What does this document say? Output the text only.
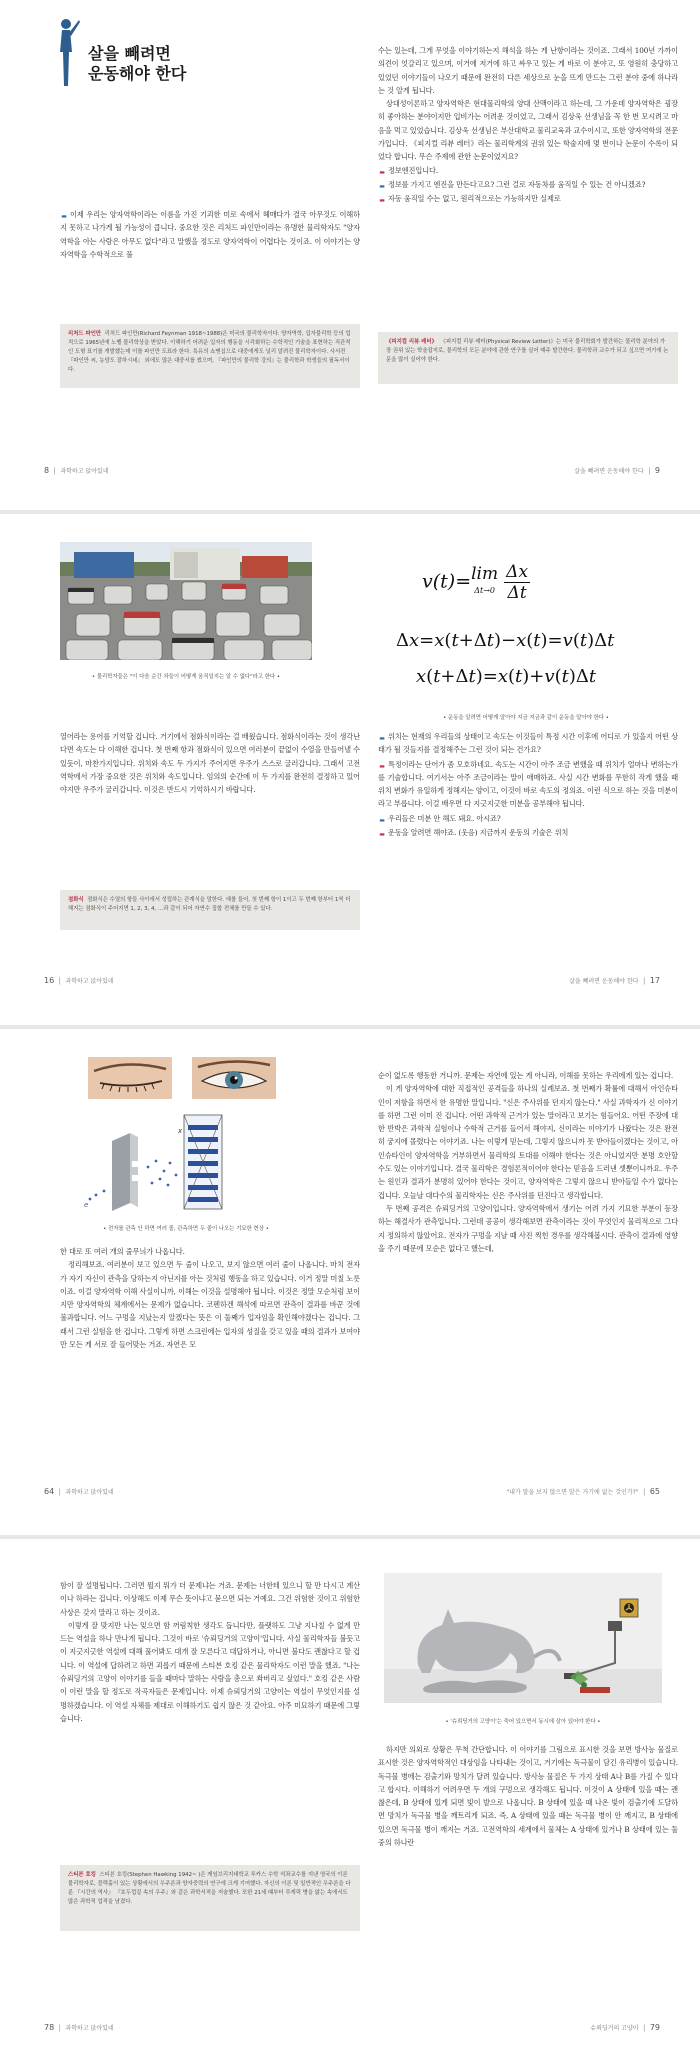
살을 빼려면
운동해야 한다

▬ 이제 우리는 양자역학이라는 이름을 가진 기괴한 미로 속에서 헤매다가 결국 아무것도 이해하지 못하고 나가게 될 가능성이 큽니다. 중요한 것은 리처드 파인만이라는 유명한 물리학자도 "양자역학을 아는 사람은 아무도 없다"라고 말했을 정도로 양자역학이 어렵다는 것이죠. 이 이야기는 양자역학을 수학적으로 풀

리처드 파인만 리처드 파인만(Richard Feynman 1918~1988)은 미국의 물리학자이다. 양자역학, 입자물리학 등의 업적으로 1965년에 노벨 물리학상을 받았다. 이해하기 어려운 입자의 행동을 시각화하는 수학적인 기술을 표현하는 직관적인 도형 표기를 개발했는데 이를 파인만 도표라 한다. 특유의 쇼맨십으로 대중에게도 널리 알려진 물리학자이다. 사서전 『파인만 씨, 농담도 잘하시네』 외에도 많은 대중서를 썼으며, 『파인만의 물리학 강의』는 물리학과 학생들의 필독서이다.

수는 있는데, 그게 무엇을 이야기하는지 해석을 하는 게 난항이라는 것이죠. 그래서 100년 가까이 의견이 엇갈리고 있으며, 이거에 저거에 하고 싸우고 있는 게 바로 이 분야고, 또 영원히 충당하고 있었던 이야기들이 나오기 때문에 완전히 다른 세상으로 눈을 뜨게 만드는 그런 분야 중에 하나라는 것 알게 됩니다.

상대성이론하고 양자역학은 현대물리학의 양대 산맥이라고 하는데, 그 가운데 양자역학은 굉장히 좋아하는 분야이지만 입비가는 어려운 것이었고, 그래서 김상욱 선생님을 꼭 한 번 모시려고 마음을 먹고 있었습니다. 김상욱 선생님은 부산대학교 물리교육과 교수이시고, 또한 양자역학의 전문가입니다. 《피지컬 리뷰 레터》라는 물리학계의 권위 있는 학술지에 몇 번이나 논문이 수록이 되었다 합니다. 무슨 주제에 관한 논문이었지요?

▬ 정보엔진입니다.

▬ 정보를 가지고 엔진을 만든다고요? 그런 걸로 자동차를 움직일 수 있는 건 아니겠죠?

▬ 자동 움직일 수는 없고, 원리적으로는 가능하지만 실제로

《피지컬 리뷰 레터》 《피지컬 리뷰 레터(Physical Review Letter)》는 미국 물리학회가 발간하는 물리학 분야의 가장 권위 있는 학술잡지로, 물리학의 모든 분야에 관한 연구를 실어 매주 발간한다. 물리학과 교수가 되고 싶으면 여기에 논문을 많이 실어야 한다.
8  │  과학하고 앉아있네	살을 빼려면 운동해야 한다  │  9
• 물리학자들은 "이 다음 순간 차들이 어떻게 움직일지는 알 수 없다"라고 한다 •
v(t)=lim
$\Delta t\to 0 \frac{\Delta x}{\Delta t}$
Δx=x(t+Δt)−x(t)=v(t)Δt
x(t+Δt)=x(t)+v(t)Δt
• 운동을 알려면 어떻게 알아야 지금 지금과 같이 운동을 알아야 한다 •

열어라는 용어를 기억할 겁니다. 거기에서 점화식이라는 걸 배웠습니다. 점화식이라는 것이 생각난다면 속도는 다 이해한 겁니다. 첫 번째 항과 점화식이 있으면 여러분이 끝없이 수열을 만들어낼 수 있듯이, 마찬가지입니다. 위치와 속도 두 가지가 주어지면 우주가 스스로 굴러갑니다. 그래서 고전역학에서 가장 중요한 것은 위치와 속도입니다. 임의의 순간에 이 두 가지를 완전히 결정하고 있어야지만 우주가 굴러갑니다. 이것은 반드시 기억하시기 바랍니다.

점화식 점화식은 수열의 항들 사이에서 성립하는 관계식을 말한다. 예를 들어, 첫 번째 항이 1이고 두 번째 항부터 1씩 더해지는 점화식이 주어지면 1, 2, 3, 4, …과 같이 되어 자연수 집합 전체를 만들 수 있다.

▬ 위치는 현재의 우리들의 상태이고 속도는 이것들이 특정 시간 이후에 어디로 가 있을지 어떤 상태가 될 것들지를 결정해주는 그런 것이 되는 건가요?

▬ 특정이라는 단어가 좀 모호하네요. 속도는 시간이 아주 조금 변했을 때 위치가 얼마나 변하는가를 기술합니다. 여기서는 아주 조금이라는 말이 애매하죠. 사실 시간 변화를 무한히 작게 했을 때 위치 변화가 유일하게 정해지는 양이고, 이것이 바로 속도의 정의죠. 이런 식으로 하는 것을 미분이라고 부릅니다. 이걸 배우면 다 지긋지긋한 미분을 공부해야 됩니다.

▬ 우리들은 미분 안 해도 돼요. 아시죠?

▬ 운동을 알려면 해야죠. (웃음) 지금까지 운동의 기술은 위치

16  │  과학하고 앉아있네	살을 빼려면 운동해야 한다  │  17
e
x
• 전자를 관측 안 하면 여러 줄, 관측하면 두 줄이 나오는 기묘한 현상 •

한 대로 또 여러 개의 줄무늬가 나옵니다.

정리해보죠. 여러분이 보고 있으면 두 줄이 나오고, 보지 않으면 여러 줄이 나옵니다. 마치 전자가 자기 자신이 관측을 당하는지 아닌지를 아는 것처럼 행동을 하고 있습니다. 이거 정말 미칠 노릇이죠. 이걸 양자역학 이해 사실이니까, 이해는 이것을 설명해야 됩니다. 이것은 정말 모순처럼 보이지만 양자역학의 체계에서는 문제가 없습니다. 코펜하겐 해석에 따르면 관측이 결과를 바꾼 것에 불과합니다. 어느 구멍을 지났는지 알겠다는 뜻은 이 둘째가 입자임을 확인해야겠다는 겁니다. 그래서 그런 실험을 한 겁니다. 그렇게 하면 스크린에는 입자의 성질을 갖고 있을 때의 결과가 보여야만 모든 게 서로 잘 들어맞는 거죠. 자연은 모

순이 없도록 행동한 거니까. 문제는 자연에 있는 게 아니라, 이해를 못하는 우리에게 있는 겁니다.

이 게 양자역학에 대한 직접적인 공격들을 하나의 실례보죠. 첫 번째가 확률에 대해서 아인슈타인이 저항을 하면서 한 유명한 말입니다. "신은 주사위를 던지지 않는다." 사실 과학자가 신 이야기를 하면 그런 이미 진 겁니다. 어떤 과학적 근거가 있는 말이라고 보기는 힘들어요. 어떤 주장에 대한 반박은 과학적 실험이나 수학적 근거를 들어서 해야지, 신이라는 이야기가 나왔다는 것은 완전히 궁지에 몰렸다는 이야기죠. 나는 이렇게 믿는데, 그렇지 않으니까 못 받아들이겠다는 것이고, 아인슈타인이 양자역학을 거부하면서 물리학의 토대를 이해야 한다는 것은 아니었지만 분명 호안할 수도 있는 이야기입니다. 결국 물리학은 경험론적이어야 한다는 믿음을 드러낸 셋뿐이니까요. 우주는 원인과 결과가 분명히 있어야 한다는 것이고, 양자역학은 그렇지 않으니 받아들일 수가 없다는 겁니다. 오늘날 대다수의 물리학자는 신은 주사위를 던진다고 생각합니다.

두 번째 공격은 슈뢰딩거의 고양이입니다. 양자역학에서 생기는 어려 가지 기묘한 부분이 등장하는 해결사가 관측입니다. 그런데 공공이 생각해보면 관측이라는 것이 무엇인지 물리적으로 그다지 정의하지 않았어요. 전자가 구멍을 지날 때 사진 찍힌 경우를 생각해봅시다. 관측이 결과에 영향을 주기 때문에 모순은 없다고 했는데,

64  │  과학하고 앉아있네	"내가 말을 보지 않으면 말은 거기에 없는 것인가?"  │  65

함이 잘 설명됩니다. 그러면 뭘지 뭐가 더 문제냐는 거죠. 문제는 너한테 있으니 할 만 다시고 계산이나 하라는 겁니다. 이상해도 이제 무슨 뜻이냐고 묻으면 되는 거예요. 그건 위험한 것이고 위험한 사상은 갖지 말라고 하는 것이죠.

이렇게 잘 맞지만 나는 잊으면 함 꺼림칙한 생각도 듭니다만, 플랫하도 그냥 지나칠 수 없게 만드는 역설을 하나 만나게 됩니다. 그것이 바로 '슈뢰딩거의 고양이'입니다. 사실 물리학자들 불듯고 이 지긋지긋한 역설에 대해 풀어봐도 대개 잘 모른다고 대답하거나, 아니면 불다도 괜찮다고 할 겁니다. 이 역설에 답하려고 하면 괴롭기 때문에 스티븐 호킹 같은 물리학자도 이런 말을 했죠. "나는 슈뢰딩거의 고양이 이야기를 들을 때마다 말하는 사람을 총으로 쏴버리고 싶었다." 호킹 같은 사람이 이런 말을 할 정도로 작곡자들은 문제입니다. 이제 슈뢰딩거의 고양이는 역설이 무엇인지를 설명하겠습니다. 이 역설 자체를 제대로 이해하기도 쉽지 않은 것 같아요. 아주 미묘하기 때문에 그렇습니다.

스티븐 호킹 스티븐 호킹(Stephen Hawking 1942~ )은 케임브리지대학교 루카스 수학 석좌교수를 지낸 영국의 이론물리학자로, 블랙홀이 있는 상황에서의 우주론과 양자중력의 연구에 크게 기여했다. 자신의 이론 및 일반적인 우주론을 다룬 『시간의 역사』 『호두껍질 속의 우주』와 같은 과학서적을 저술했다. 또한 21세 때부터 루게릭 병을 앓는 속에서도 많은 과학적 업적을 남겼다.
• '슈뢰딩거의 고양이'는 죽어 있으면서 동시에 살아 있어야 한다 •

하지만 의외로 상황은 무척 간단합니다. 이 이야기를 그림으로 표시한 것을 보면 방사능 물질로 표시한 것은 양자역학적인 대상임을 나타내는 것이고, 거기에는 독극물이 담긴 유리병이 있습니다. 독극물 병에는 검출기와 망치가 달려 있습니다. 방사능 물질은 두 가지 상태 A나 B를 가질 수 있다고 합시다. 이해하기 어려우면 두 개의 구멍으로 생각해도 됩니다. 이것이 A 상태에 있을 때는 괜찮은데, B 상태에 있게 되면 빛이 발으로 나옵니다. B 상태에 있을 때 나온 빛이 검출기에 도달하면 망치가 독극물 병을 깨트리게 되죠. 즉, A 상태에 있을 때는 독극물 병이 안 깨지고, B 상태에 있으면 독극물 병이 깨지는 거죠. 고전역학의 세계에서 물체는 A 상태에 있거나 B 상태에 있는 둘 중의 하나란

78  │  과학하고 앉아있네	슈뢰딩거의 고양이  │  79
